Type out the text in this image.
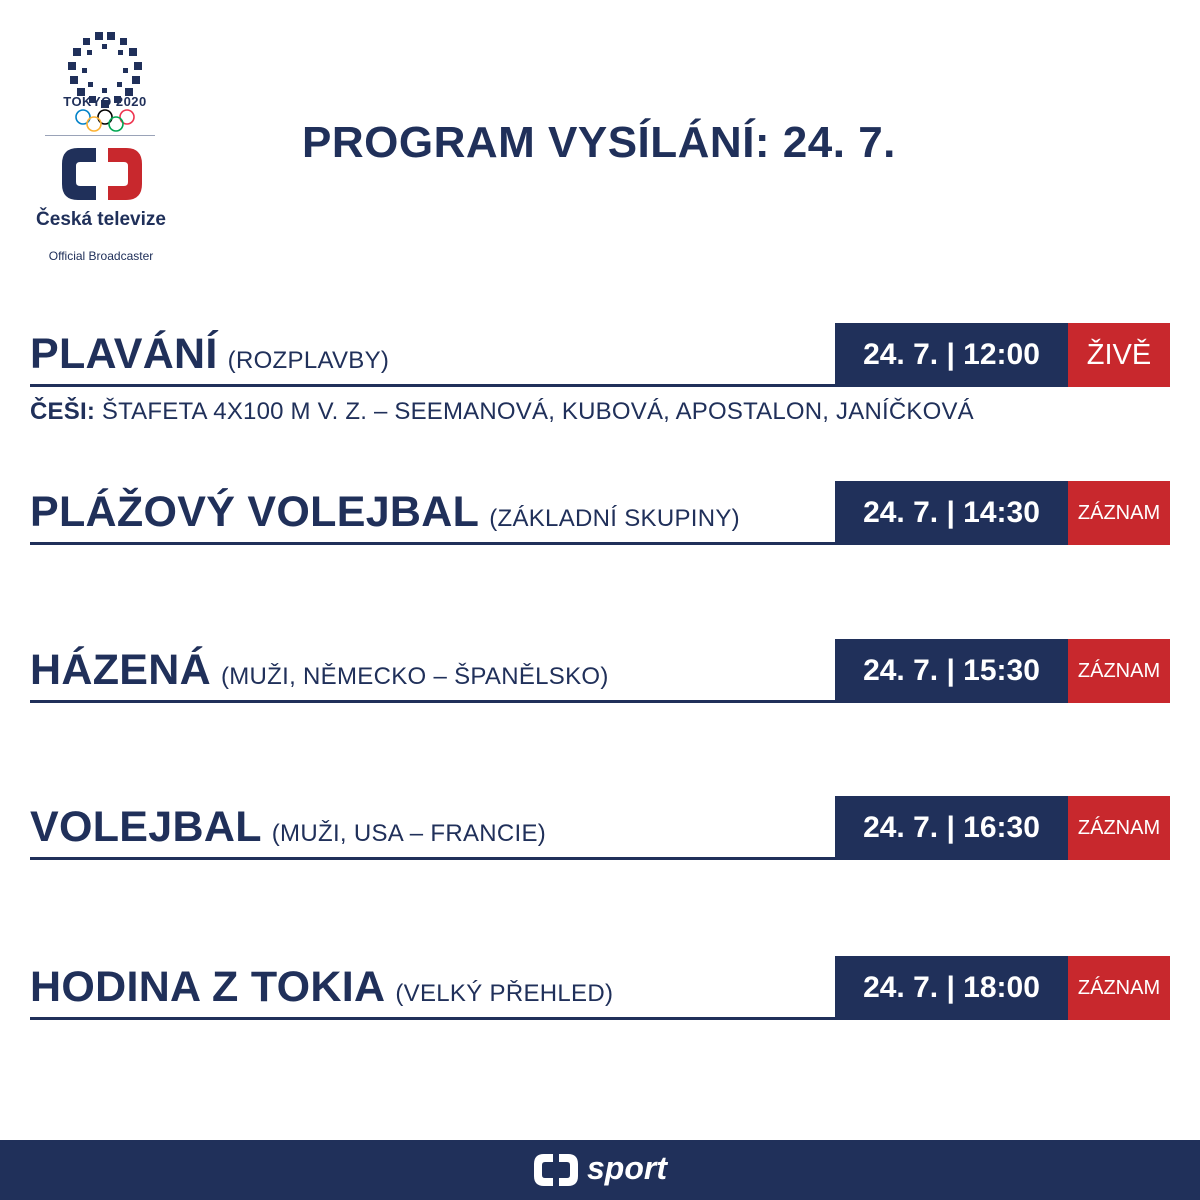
TOKYO 2020
Česká televize
Official Broadcaster
PROGRAM VYSÍLÁNÍ: 24. 7.
PLAVÁNÍ (ROZPLAVBY)	24. 7. | 12:00	ŽIVĚ
ČEŠI: ŠTAFETA 4X100 M V. Z. – SEEMANOVÁ, KUBOVÁ, APOSTALON, JANÍČKOVÁ
PLÁŽOVÝ VOLEJBAL (ZÁKLADNÍ SKUPINY)	24. 7. | 14:30	ZÁZNAM
HÁZENÁ (MUŽI, NĚMECKO – ŠPANĚLSKO)	24. 7. | 15:30	ZÁZNAM
VOLEJBAL (MUŽI, USA – FRANCIE)	24. 7. | 16:30	ZÁZNAM
HODINA Z TOKIA (VELKÝ PŘEHLED)	24. 7. | 18:00	ZÁZNAM
sport
